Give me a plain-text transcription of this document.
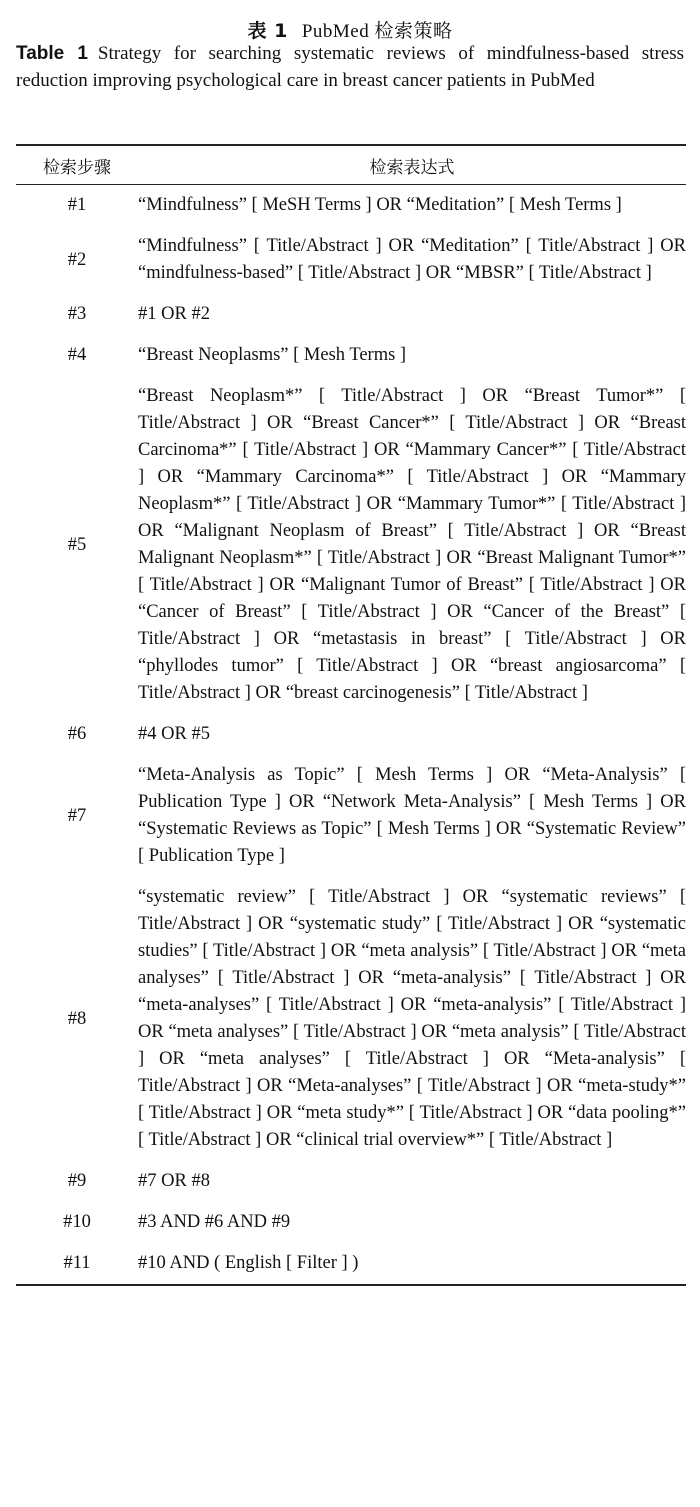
表 1 PubMed 检索策略
Table 1 Strategy for searching systematic reviews of mindfulness-based stress reduction improving psychological care in breast cancer patients in PubMed
检索步骤	检索表达式
#1	“Mindfulness” [ MeSH Terms ] OR “Meditation” [ Mesh Terms ]
#2	“Mindfulness” [ Title/Abstract ] OR “Meditation” [ Title/Abstract ] OR “mindfulness-based” [ Title/Abstract ] OR “MBSR” [ Title/Abstract ]
#3	#1 OR #2
#4	“Breast Neoplasms” [ Mesh Terms ]
#5	“Breast Neoplasm*” [ Title/Abstract ] OR “Breast Tumor*” [ Title/Abstract ] OR “Breast Cancer*” [ Title/Abstract ] OR “Breast Carcinoma*” [ Title/Abstract ] OR “Mammary Cancer*” [ Title/Abstract ] OR “Mammary Carcinoma*” [ Title/Abstract ] OR “Mammary Neoplasm*” [ Title/Abstract ] OR “Mammary Tumor*” [ Title/Abstract ] OR “Malignant Neoplasm of Breast” [ Title/Abstract ] OR “Breast Malignant Neoplasm*” [ Title/Abstract ] OR “Breast Malignant Tumor*” [ Title/Abstract ] OR “Malignant Tumor of Breast” [ Title/Abstract ] OR “Cancer of Breast” [ Title/Abstract ] OR “Cancer of the Breast” [ Title/Abstract ] OR “metastasis in breast” [ Title/Abstract ] OR “phyllodes tumor” [ Title/Abstract ] OR “breast angiosarcoma” [ Title/Abstract ] OR “breast carcinogenesis” [ Title/Abstract ]
#6	#4 OR #5
#7	“Meta-Analysis as Topic” [ Mesh Terms ] OR “Meta-Analysis” [ Publication Type ] OR “Network Meta-Analysis” [ Mesh Terms ] OR “Systematic Reviews as Topic” [ Mesh Terms ] OR “Systematic Review” [ Publication Type ]
#8	“systematic review” [ Title/Abstract ] OR “systematic reviews” [ Title/Abstract ] OR “systematic study” [ Title/Abstract ] OR “systematic studies” [ Title/Abstract ] OR “meta analysis” [ Title/Abstract ] OR “meta analyses” [ Title/Abstract ] OR “meta-analysis” [ Title/Abstract ] OR “meta-analyses” [ Title/Abstract ] OR “meta-analysis” [ Title/Abstract ] OR “meta analyses” [ Title/Abstract ] OR “meta analysis” [ Title/Abstract ] OR “meta analyses” [ Title/Abstract ] OR “Meta-analysis” [ Title/Abstract ] OR “Meta-analyses” [ Title/Abstract ] OR “meta-study*” [ Title/Abstract ] OR “meta study*” [ Title/Abstract ] OR “data pooling*” [ Title/Abstract ] OR “clinical trial overview*” [ Title/Abstract ]
#9	#7 OR #8
#10	#3 AND #6 AND #9
#11	#10 AND ( English [ Filter ] )
